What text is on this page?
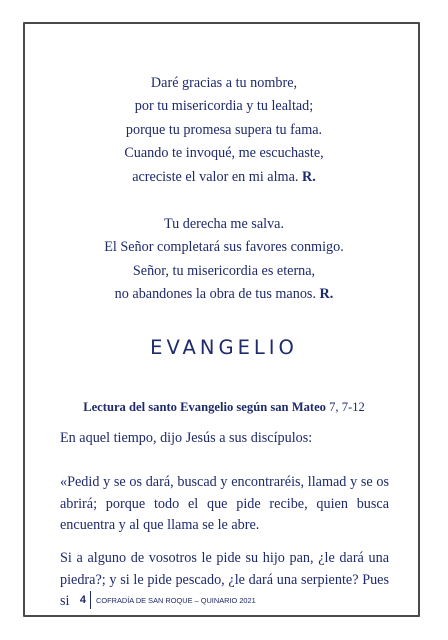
Daré gracias a tu nombre,
por tu misericordia y tu lealtad;
porque tu promesa supera tu fama.
Cuando te invoqué, me escuchaste,
acreciste el valor en mi alma. R.
Tu derecha me salva.
El Señor completará sus favores conmigo.
Señor, tu misericordia es eterna,
no abandones la obra de tus manos. R.
EVANGELIO
Lectura del santo Evangelio según san Mateo 7, 7-12

En aquel tiempo, dijo Jesús a sus discípulos:

«Pedid y se os dará, buscad y encontraréis, llamad y se os abrirá; porque todo el que pide recibe, quien busca encuentra y al que llama se le abre.

Si a alguno de vosotros le pide su hijo pan, ¿le dará una piedra?; y si le pide pescado, ¿le dará una serpiente? Pues si 4	COFRADÍA DE SAN ROQUE – QUINARIO 2021
